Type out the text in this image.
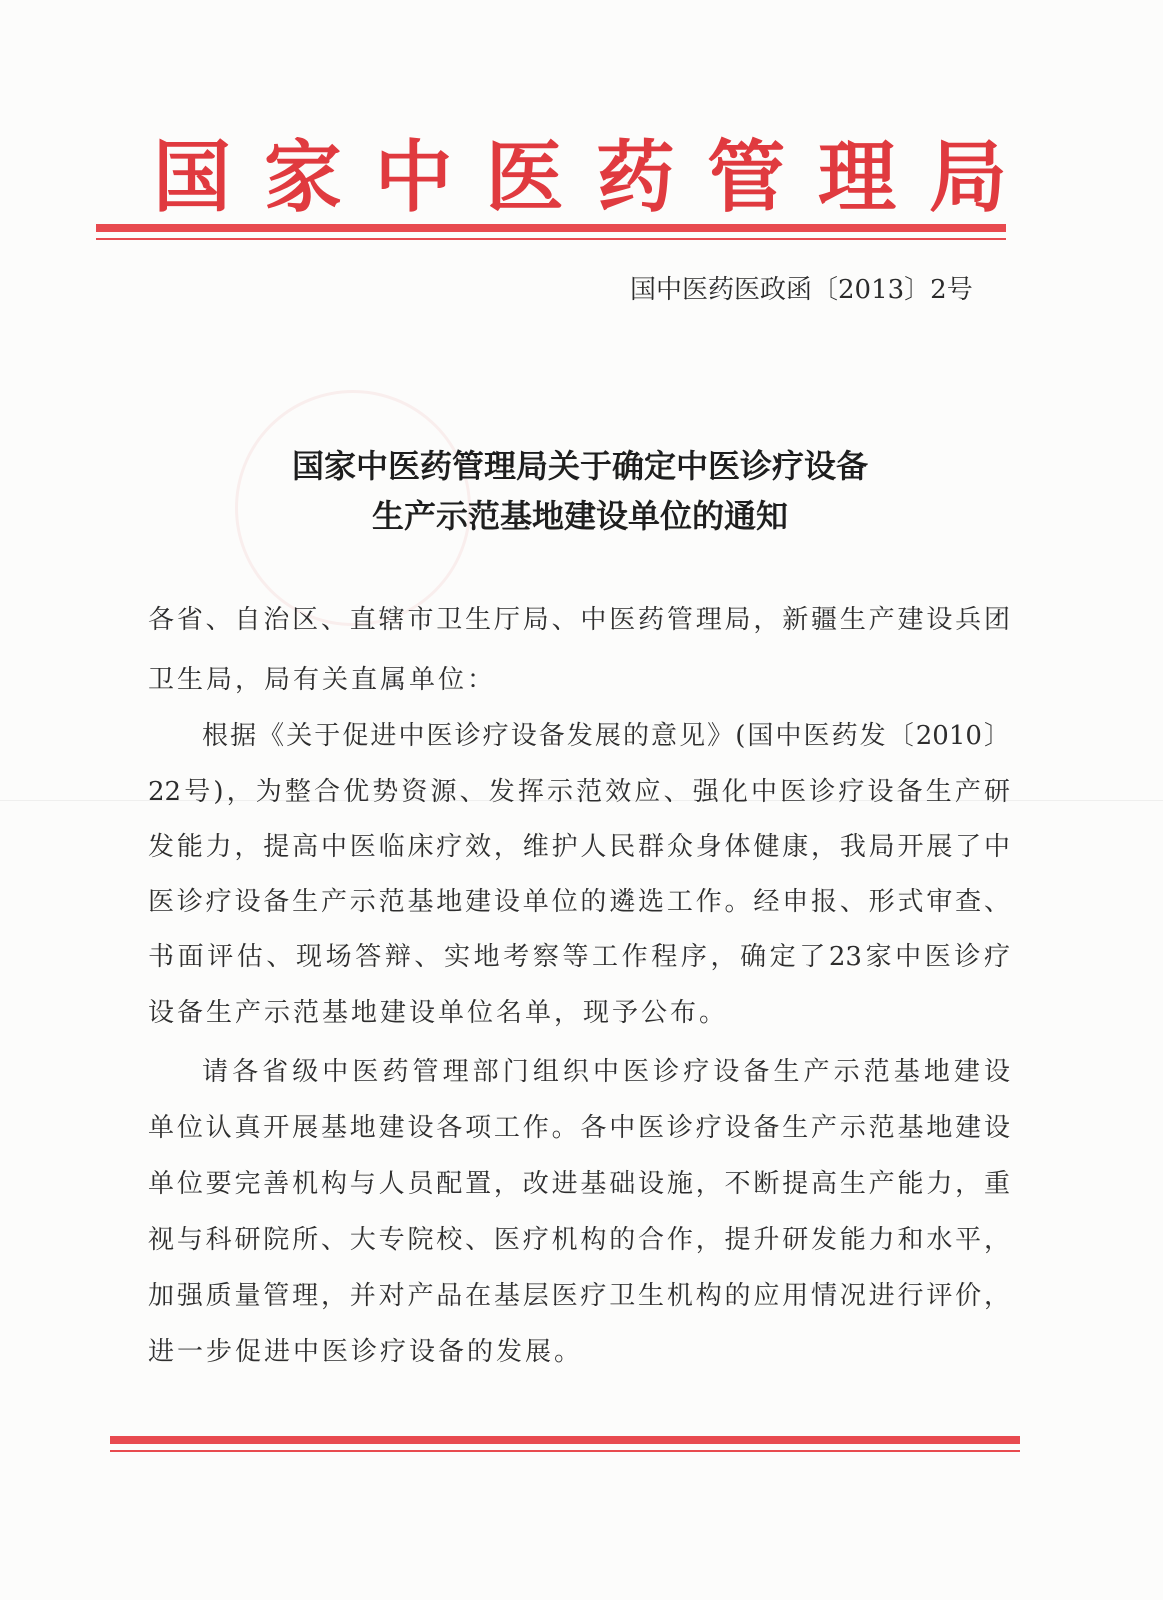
国 家 中 医 药 管 理 局
国中医药医政函〔2013〕2号
国家中医药管理局关于确定中医诊疗设备
生产示范基地建设单位的通知
各省、自治区、直辖市卫生厅局、中医药管理局，新疆生产建设兵团
卫生局，局有关直属单位：
根据《关于促进中医诊疗设备发展的意见》(国中医药发〔2010〕
22号)，为整合优势资源、发挥示范效应、强化中医诊疗设备生产研
发能力，提高中医临床疗效，维护人民群众身体健康，我局开展了中
医诊疗设备生产示范基地建设单位的遴选工作。经申报、形式审查、
书面评估、现场答辩、实地考察等工作程序，确定了23家中医诊疗
设备生产示范基地建设单位名单，现予公布。
请各省级中医药管理部门组织中医诊疗设备生产示范基地建设
单位认真开展基地建设各项工作。各中医诊疗设备生产示范基地建设
单位要完善机构与人员配置，改进基础设施，不断提高生产能力，重
视与科研院所、大专院校、医疗机构的合作，提升研发能力和水平，
加强质量管理，并对产品在基层医疗卫生机构的应用情况进行评价，
进一步促进中医诊疗设备的发展。
